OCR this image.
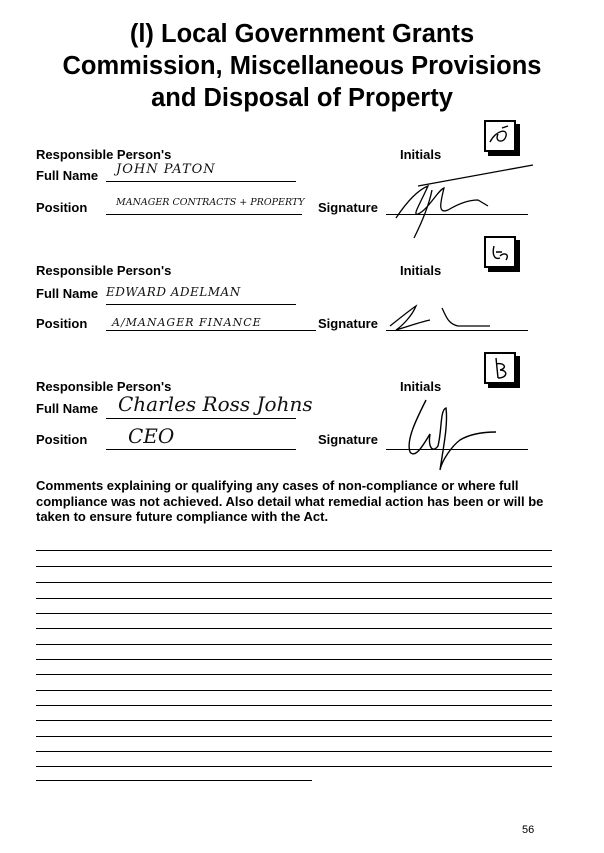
(l) Local Government Grants
Commission, Miscellaneous Provisions
and Disposal of Property
Responsible Person's
Full Name JOHN PATON
Position	MANAGER CONTRACTS + PROPERTY Signature
Initials
Responsible Person's
Full Name EDWARD ADELMAN
Position A/MANAGER FINANCE	Signature
Initials
Responsible Person's
Full Name Charles Ross Johns
Position CEO	Signature
Initials
Comments explaining or qualifying any cases of non-compliance or where full compliance was not achieved. Also detail what remedial action has been or will be taken to ensure future compliance with the Act.
56
